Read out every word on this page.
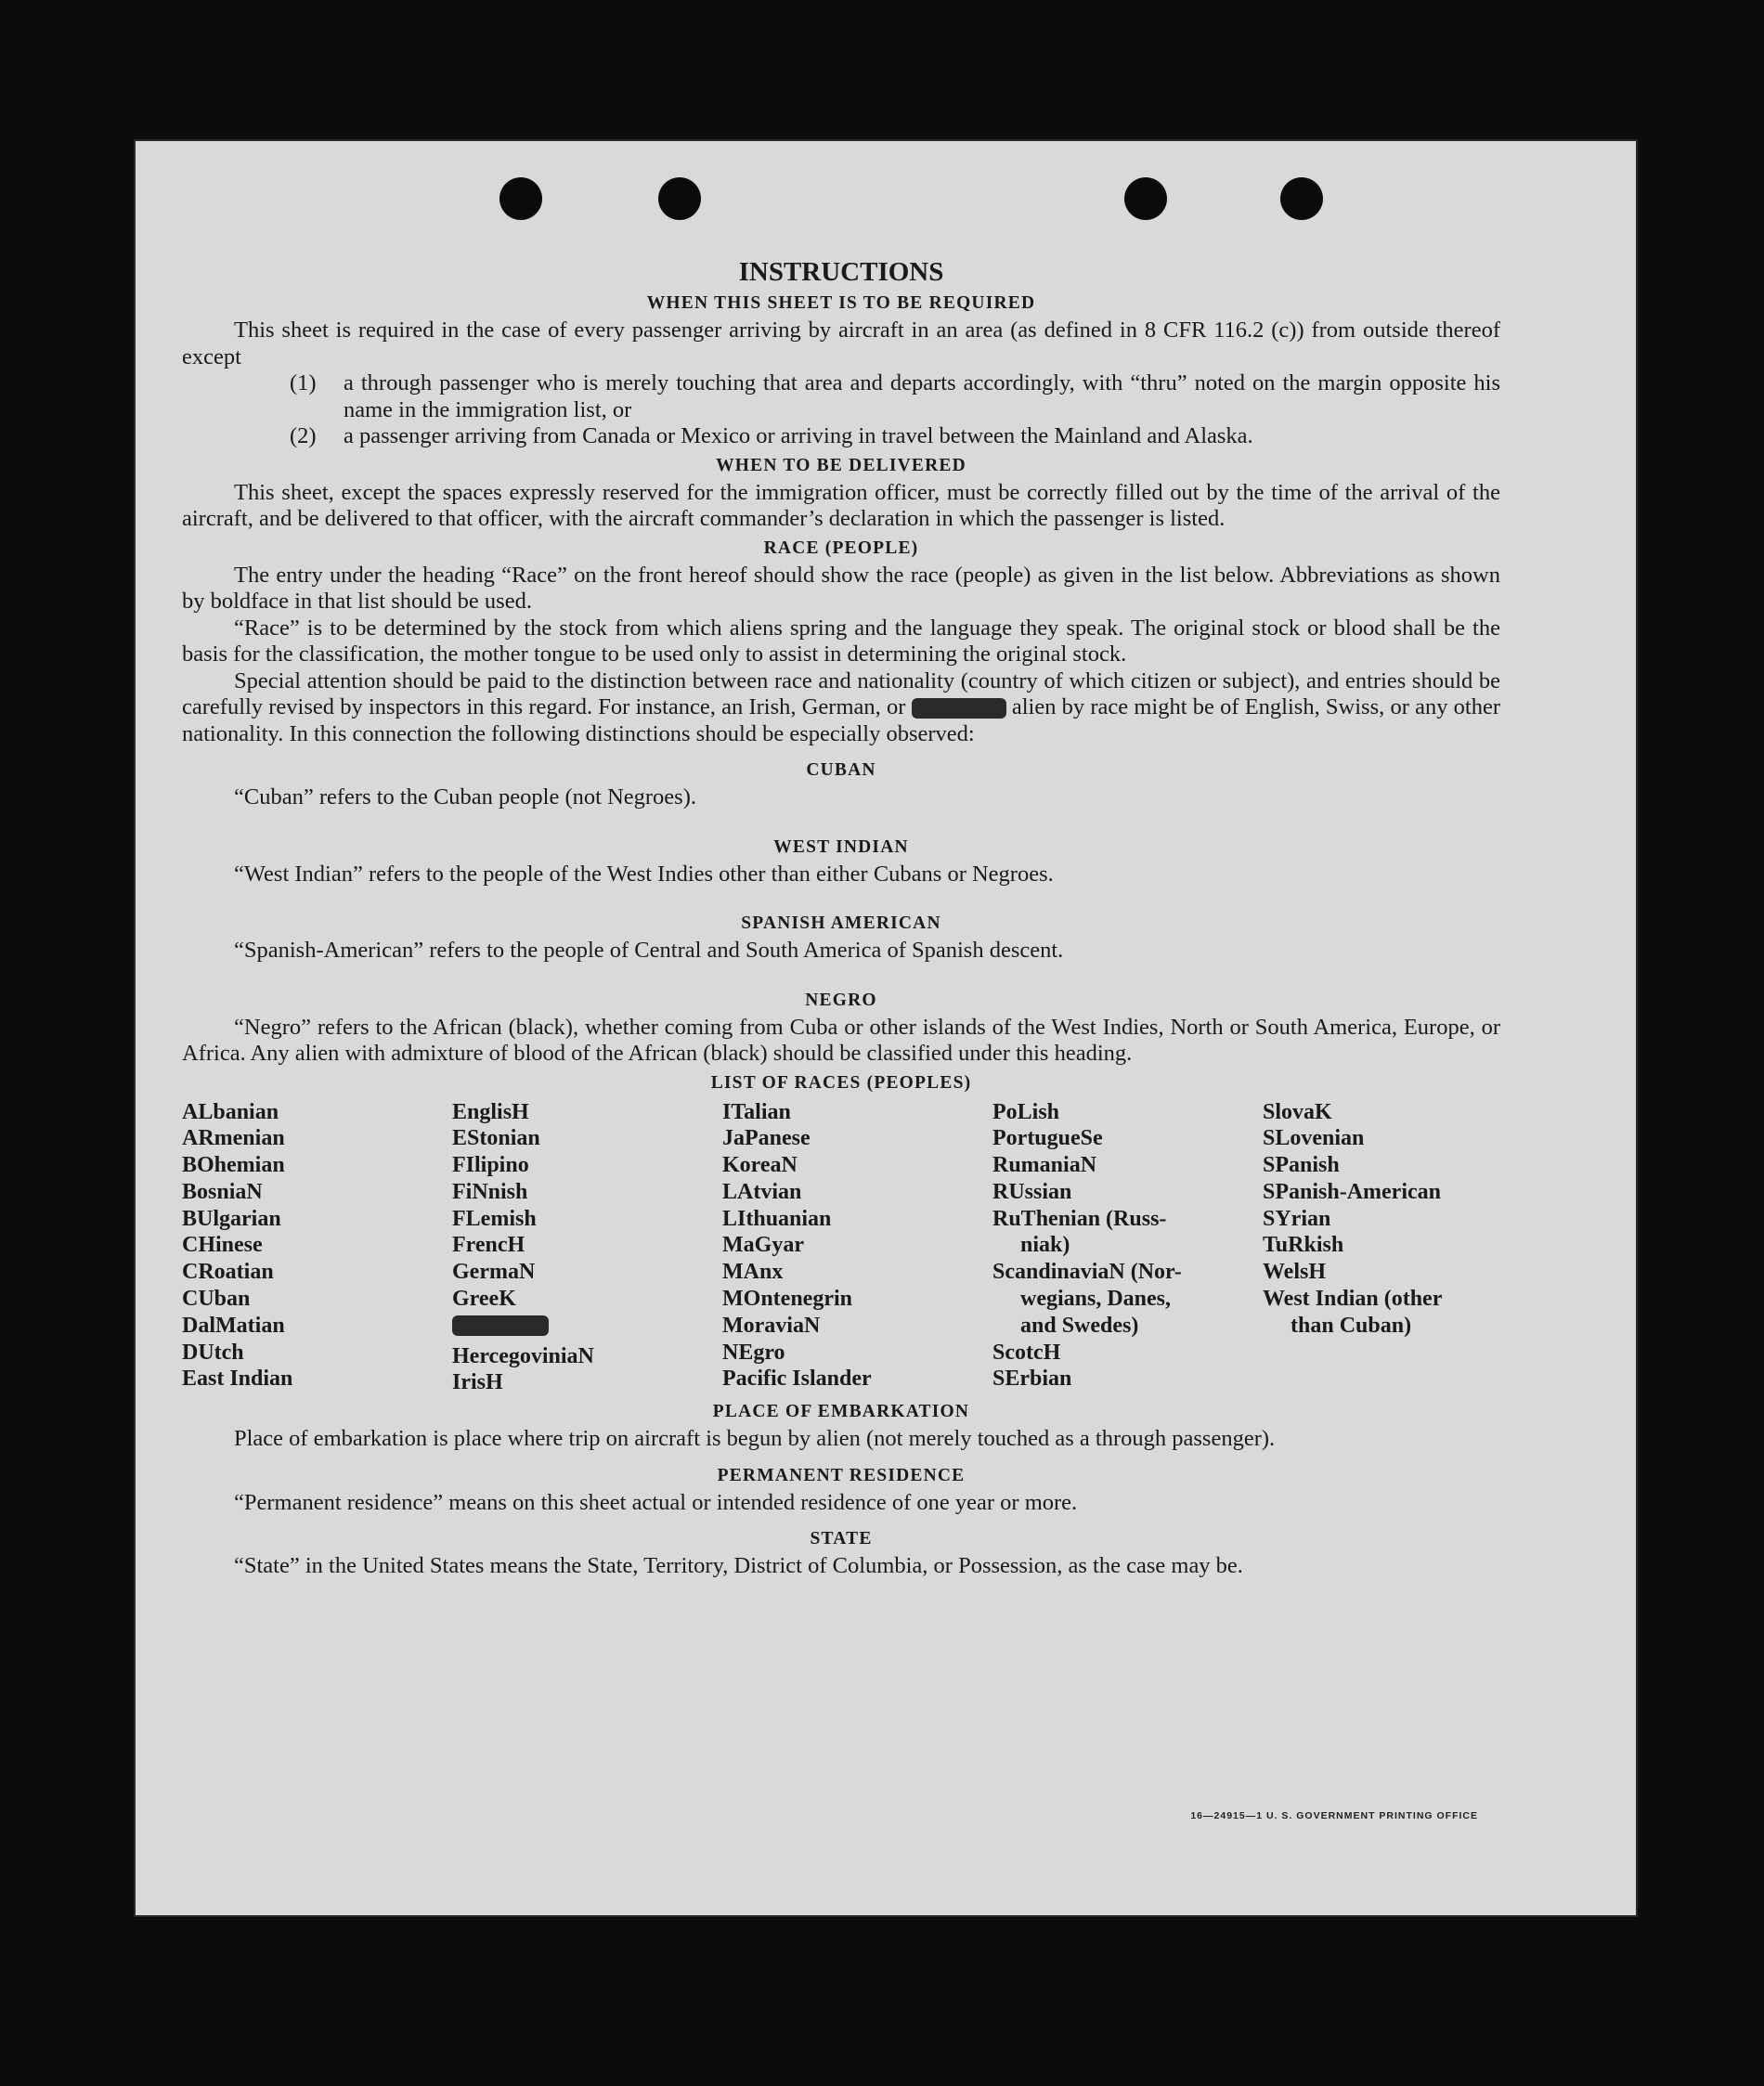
INSTRUCTIONS
WHEN THIS SHEET IS TO BE REQUIRED

This sheet is required in the case of every passenger arriving by aircraft in an area (as defined in 8 CFR 116.2 (c)) from outside thereof except

(1)	a through passenger who is merely touching that area and departs accordingly, with “thru” noted on the margin opposite his name in the immigration list, or
(2)	a passenger arriving from Canada or Mexico or arriving in travel between the Mainland and Alaska.
WHEN TO BE DELIVERED

This sheet, except the spaces expressly reserved for the immigration officer, must be correctly filled out by the time of the arrival of the aircraft, and be delivered to that officer, with the aircraft commander’s declaration in which the passenger is listed.

RACE (PEOPLE)

The entry under the heading “Race” on the front hereof should show the race (people) as given in the list below. Abbreviations as shown by boldface in that list should be used.

“Race” is to be determined by the stock from which aliens spring and the language they speak. The original stock or blood shall be the basis for the classification, the mother tongue to be used only to assist in determining the original stock.

Special attention should be paid to the distinction between race and nationality (country of which citizen or subject), and entries should be carefully revised by inspectors in this regard. For instance, an Irish, German, or	alien by race might be of English, Swiss, or any other nationality. In this connection the following distinctions should be especially observed:

CUBAN

“Cuban” refers to the Cuban people (not Negroes).

WEST INDIAN

“West Indian” refers to the people of the West Indies other than either Cubans or Negroes.

SPANISH AMERICAN

“Spanish-American” refers to the people of Central and South America of Spanish descent.

NEGRO

“Negro” refers to the African (black), whether coming from Cuba or other islands of the West Indies, North or South America, Europe, or Africa. Any alien with admixture of blood of the African (black) should be classified under this heading.

LIST OF RACES (PEOPLES)
ALbanian
ARmenian
BOhemian
BosniaN
BUlgarian
CHinese
CRoatian
CUban
DalMatian
DUtch
East Indian
EnglisH
EStonian
FIlipino
FiNnish
FLemish
FrencH
GermaN
GreeK
HercegoviniaN
IrisH
ITalian
JaPanese
KoreaN
LAtvian
LIthuanian
MaGyar
MAnx
MOntenegrin
MoraviaN
NEgro
Pacific Islander
PoLish
PortugueSe
RumaniaN
RUssian
RuThenian (Russ-
niak)
ScandinaviaN (Nor-
wegians, Danes,
and Swedes)
ScotcH
SErbian
SlovaK
SLovenian
SPanish
SPanish-American
SYrian
TuRkish
WelsH
West Indian (other
than Cuban)
PLACE OF EMBARKATION

Place of embarkation is place where trip on aircraft is begun by alien (not merely touched as a through passenger).

PERMANENT RESIDENCE

“Permanent residence” means on this sheet actual or intended residence of one year or more.

STATE

“State” in the United States means the State, Territory, District of Columbia, or Possession, as the case may be.

16—24915—1 U. S. GOVERNMENT PRINTING OFFICE
